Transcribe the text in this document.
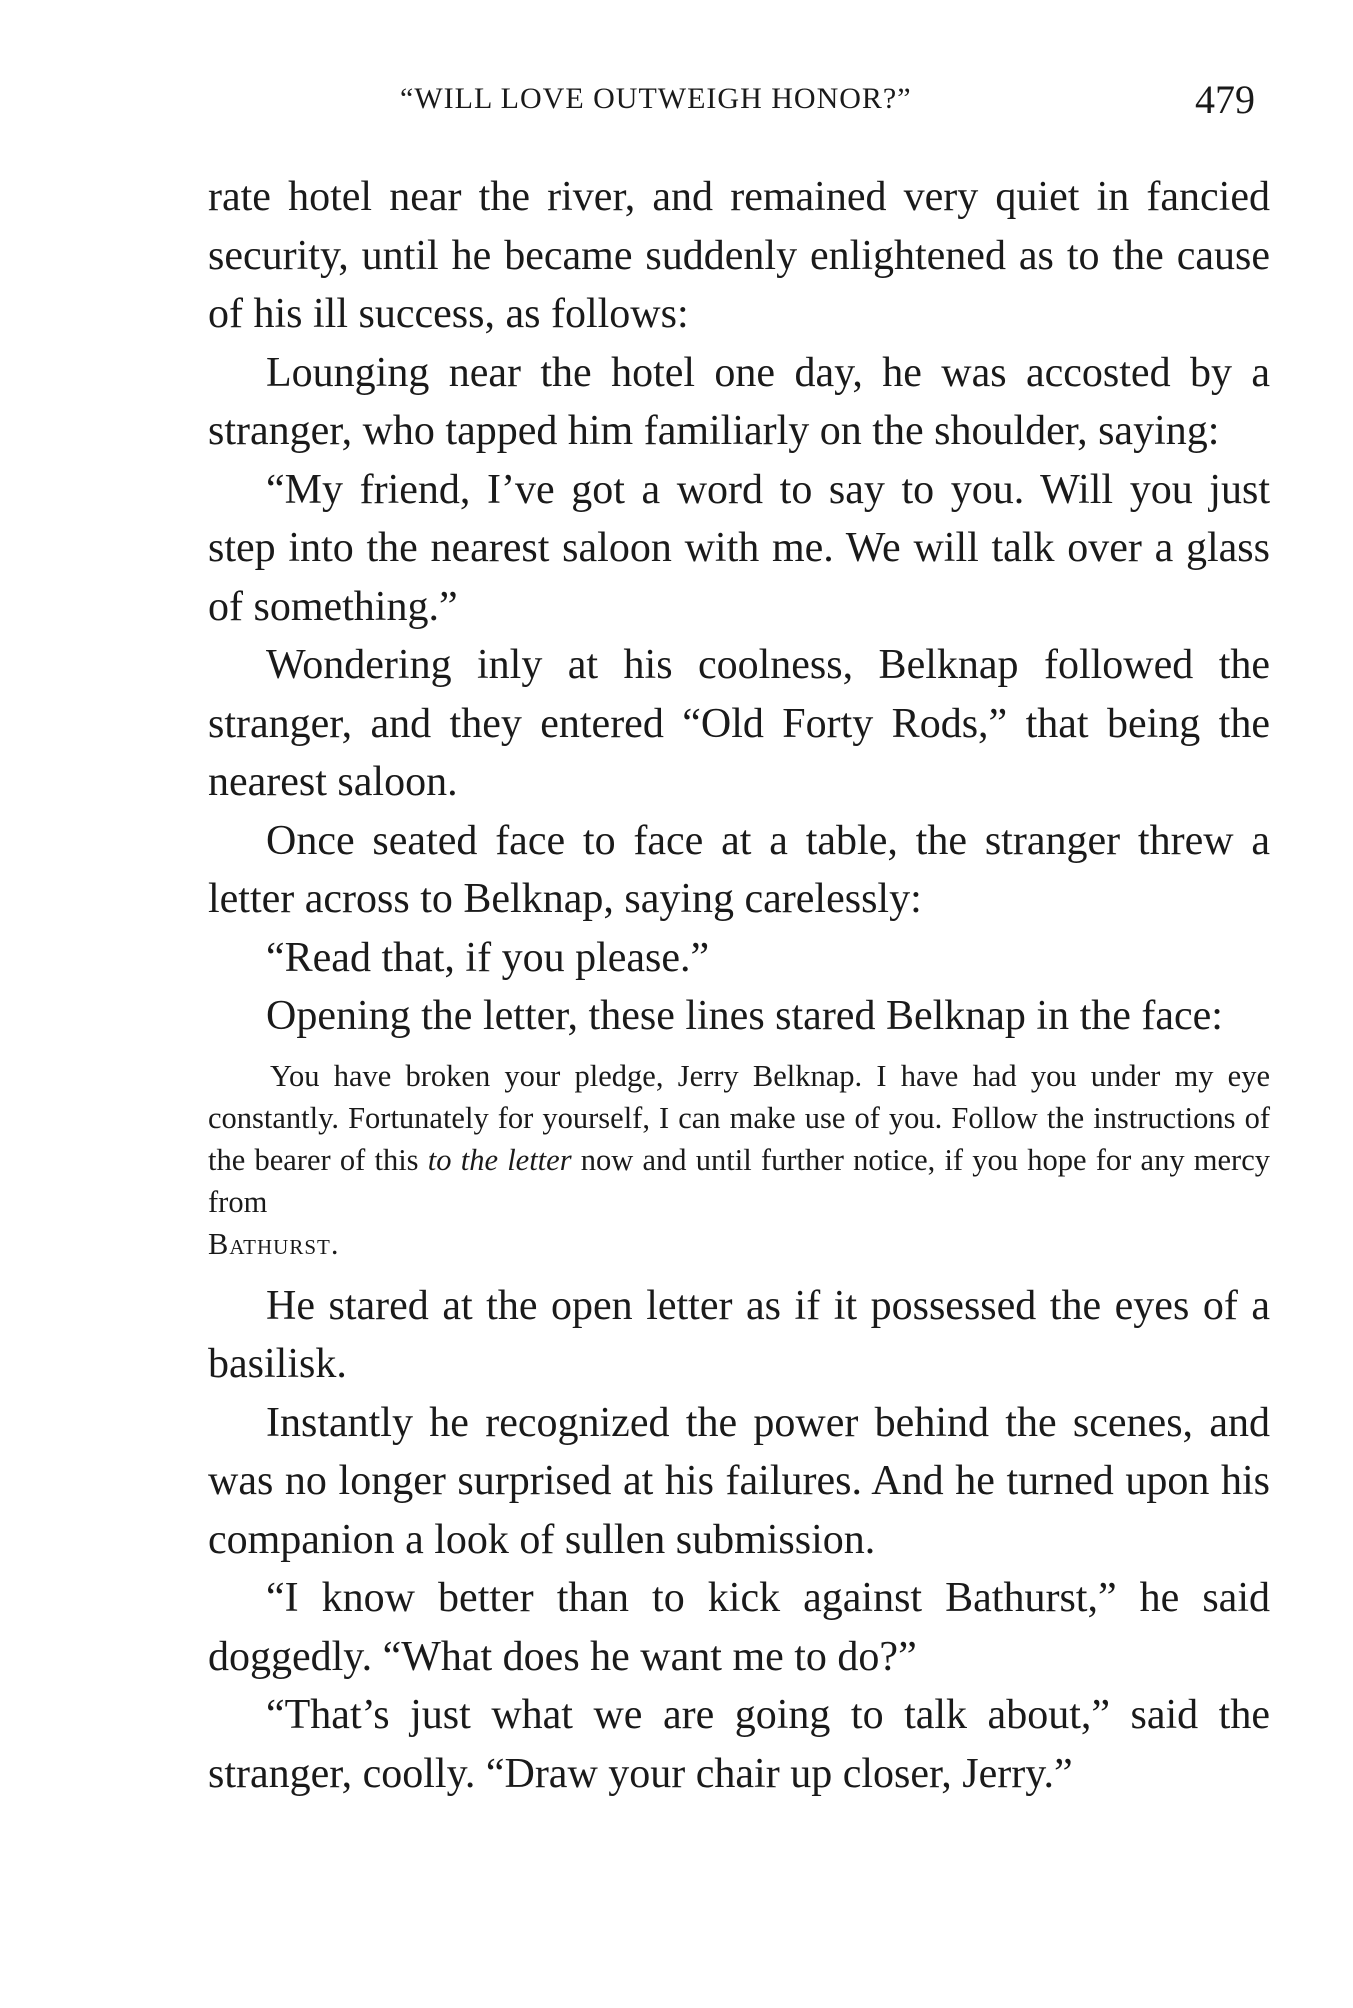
“WILL LOVE OUTWEIGH HONOR?”	479

rate hotel near the river, and remained very quiet in fancied security, until he became suddenly enlightened as to the cause of his ill success, as follows:

Lounging near the hotel one day, he was accosted by a stranger, who tapped him familiarly on the shoulder, saying:

“My friend, I’ve got a word to say to you. Will you just step into the nearest saloon with me. We will talk over a glass of something.”

Wondering inly at his coolness, Belknap followed the stranger, and they entered “Old Forty Rods,” that being the nearest saloon.

Once seated face to face at a table, the stranger threw a letter across to Belknap, saying carelessly:

“Read that, if you please.”

Opening the letter, these lines stared Belknap in the face:

You have broken your pledge, Jerry Belknap. I have had you under my eye constantly. Fortunately for yourself, I can make use of you. Follow the instructions of the bearer of this to the letter now and until further notice, if you hope for any mercy from
Bathurst.

He stared at the open letter as if it possessed the eyes of a basilisk.

Instantly he recognized the power behind the scenes, and was no longer surprised at his failures. And he turned upon his companion a look of sullen submission.

“I know better than to kick against Bathurst,” he said doggedly. “What does he want me to do?”

“That’s just what we are going to talk about,” said the stranger, coolly. “Draw your chair up closer, Jerry.”
